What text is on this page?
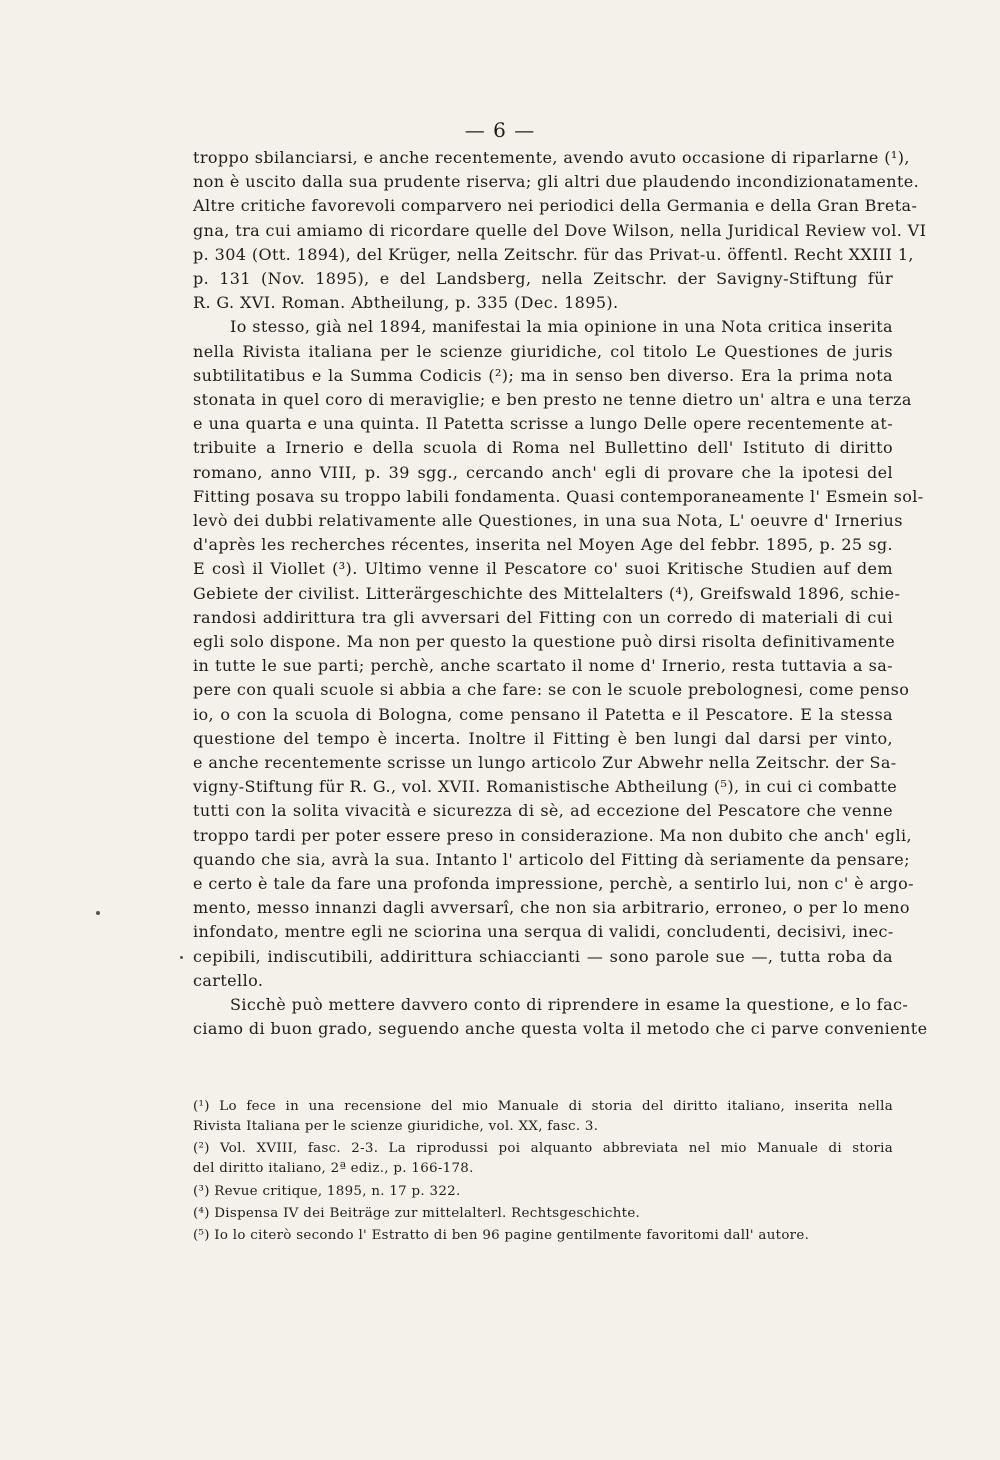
— 6 —
troppo sbilanciarsi, e anche recentemente, avendo avuto occasione di riparlarne (¹),
non è uscito dalla sua prudente riserva; gli altri due plaudendo incondizionatamente.
Altre critiche favorevoli comparvero nei periodici della Germania e della Gran Breta-
gna, tra cui amiamo di ricordare quelle del Dove Wilson, nella Juridical Review vol. VI
p. 304 (Ott. 1894), del Krüger, nella Zeitschr. für das Privat-u. öffentl. Recht XXIII 1,
p. 131 (Nov. 1895), e del Landsberg, nella Zeitschr. der Savigny-Stiftung für
R. G. XVI. Roman. Abtheilung, p. 335 (Dec. 1895).
Io stesso, già nel 1894, manifestai la mia opinione in una Nota critica inserita
nella Rivista italiana per le scienze giuridiche, col titolo Le Questiones de juris
subtilitatibus e la Summa Codicis (²); ma in senso ben diverso. Era la prima nota
stonata in quel coro di meraviglie; e ben presto ne tenne dietro un' altra e una terza
e una quarta e una quinta. Il Patetta scrisse a lungo Delle opere recentemente at-
tribuite a Irnerio e della scuola di Roma nel Bullettino dell' Istituto di diritto
romano, anno VIII, p. 39 sgg., cercando anch' egli di provare che la ipotesi del
Fitting posava su troppo labili fondamenta. Quasi contemporaneamente l' Esmein sol-
levò dei dubbi relativamente alle Questiones, in una sua Nota, L' oeuvre d' Irnerius
d'après les recherches récentes, inserita nel Moyen Age del febbr. 1895, p. 25 sg.
E così il Viollet (³). Ultimo venne il Pescatore co' suoi Kritische Studien auf dem
Gebiete der civilist. Litterärgeschichte des Mittelalters (⁴), Greifswald 1896, schie-
randosi addirittura tra gli avversari del Fitting con un corredo di materiali di cui
egli solo dispone. Ma non per questo la questione può dirsi risolta definitivamente
in tutte le sue parti; perchè, anche scartato il nome d' Irnerio, resta tuttavia a sa-
pere con quali scuole si abbia a che fare: se con le scuole prebolognesi, come penso
io, o con la scuola di Bologna, come pensano il Patetta e il Pescatore. E la stessa
questione del tempo è incerta. Inoltre il Fitting è ben lungi dal darsi per vinto,
e anche recentemente scrisse un lungo articolo Zur Abwehr nella Zeitschr. der Sa-
vigny-Stiftung für R. G., vol. XVII. Romanistische Abtheilung (⁵), in cui ci combatte
tutti con la solita vivacità e sicurezza di sè, ad eccezione del Pescatore che venne
troppo tardi per poter essere preso in considerazione. Ma non dubito che anch' egli,
quando che sia, avrà la sua. Intanto l' articolo del Fitting dà seriamente da pensare;
e certo è tale da fare una profonda impressione, perchè, a sentirlo lui, non c' è argo-
mento, messo innanzi dagli avversarî, che non sia arbitrario, erroneo, o per lo meno
infondato, mentre egli ne sciorina una serqua di validi, concludenti, decisivi, inec-
cepibili, indiscutibili, addirittura schiaccianti — sono parole sue —, tutta roba da
cartello.
Sicchè può mettere davvero conto di riprendere in esame la questione, e lo fac-
ciamo di buon grado, seguendo anche questa volta il metodo che ci parve conveniente
(¹) Lo fece in una recensione del mio Manuale di storia del diritto italiano, inserita nella
Rivista Italiana per le scienze giuridiche, vol. XX, fasc. 3.
(²) Vol. XVIII, fasc. 2-3. La riprodussi poi alquanto abbreviata nel mio Manuale di storia
del diritto italiano, 2ª ediz., p. 166-178.
(³) Revue critique, 1895, n. 17 p. 322.
(⁴) Dispensa IV dei Beiträge zur mittelalterl. Rechtsgeschichte.
(⁵) Io lo citerò secondo l' Estratto di ben 96 pagine gentilmente favoritomi dall' autore.
